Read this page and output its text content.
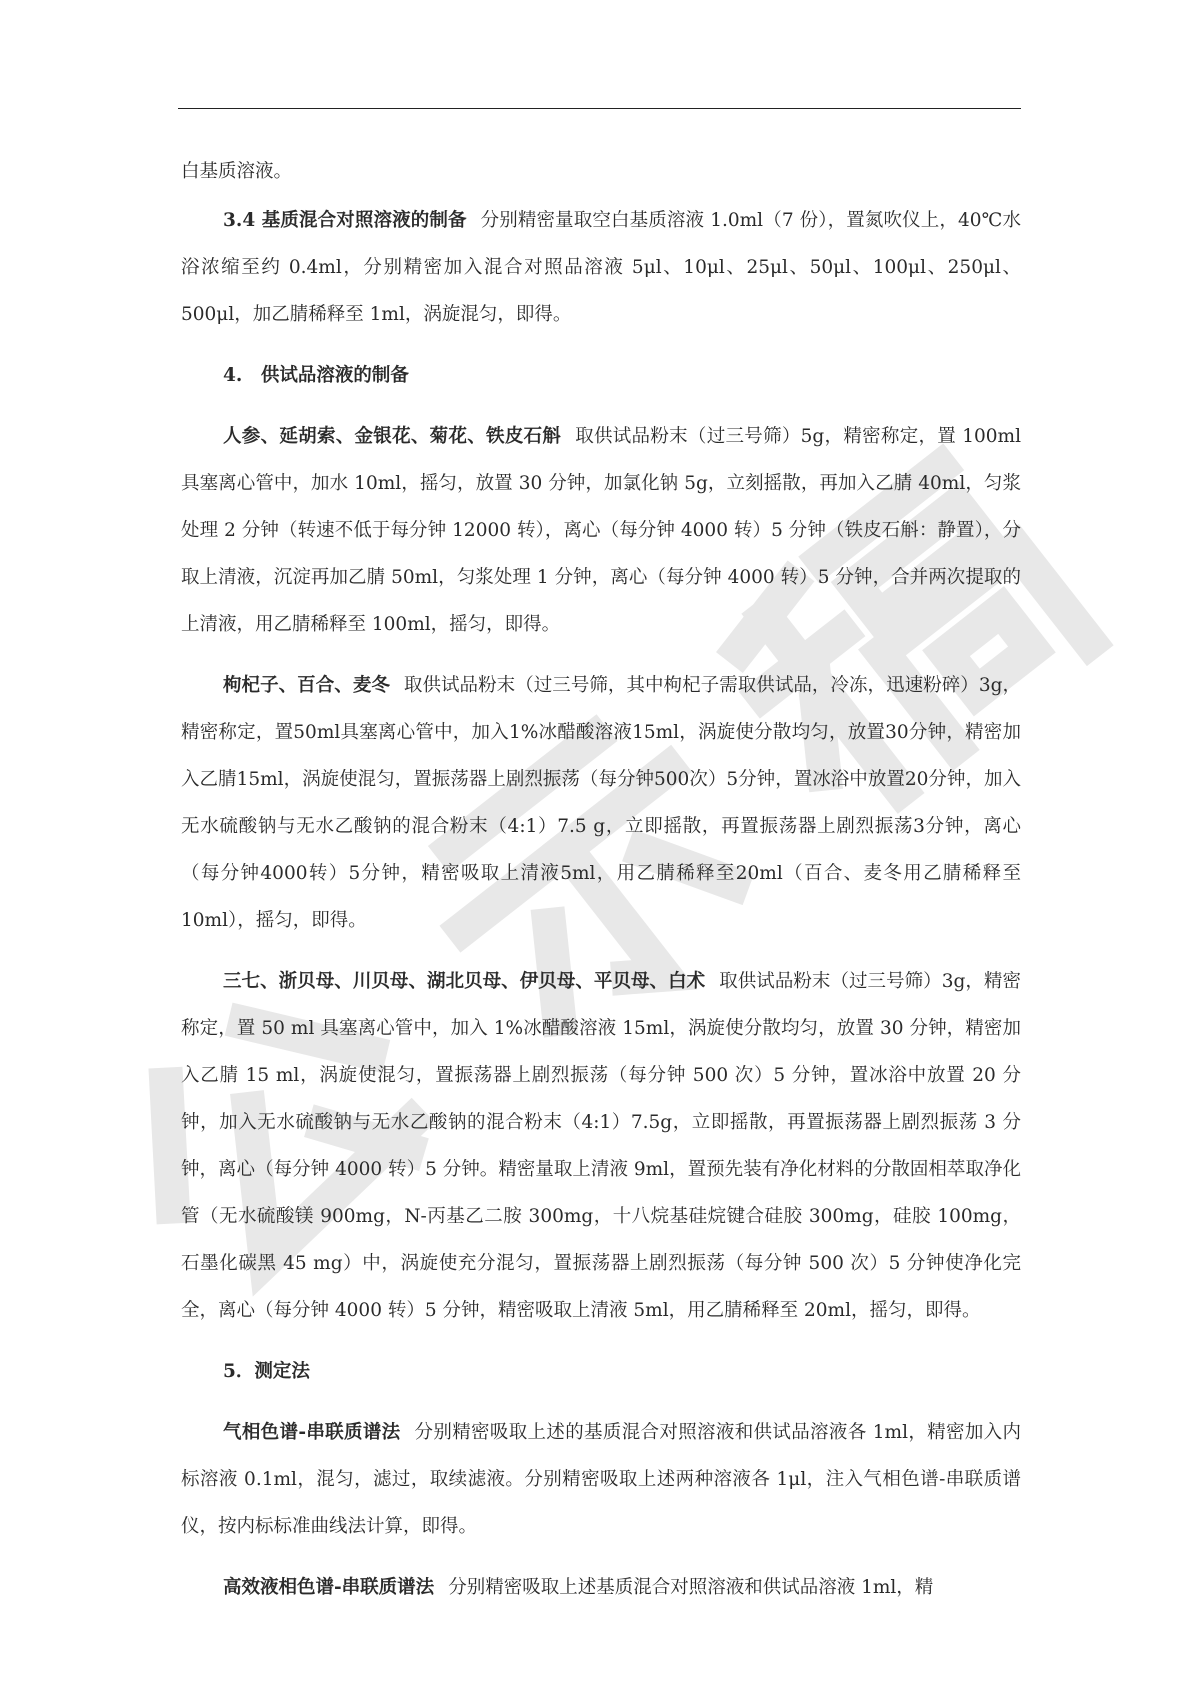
白基质溶液。

3.4 基质混合对照溶液的制备 分别精密量取空白基质溶液 1.0ml（7 份），置氮吹仪上，40℃水浴浓缩至约 0.4ml，分别精密加入混合对照品溶液 5μl、10μl、25μl、50μl、100μl、250μl、500μl，加乙腈稀释至 1ml，涡旋混匀，即得。

4.　供试品溶液的制备

人参、延胡索、金银花、菊花、铁皮石斛 取供试品粉末（过三号筛）5g，精密称定，置 100ml 具塞离心管中，加水 10ml，摇匀，放置 30 分钟，加氯化钠 5g，立刻摇散，再加入乙腈 40ml，匀浆处理 2 分钟（转速不低于每分钟 12000 转），离心（每分钟 4000 转）5 分钟（铁皮石斛：静置），分取上清液，沉淀再加乙腈 50ml，匀浆处理 1 分钟，离心（每分钟 4000 转）5 分钟，合并两次提取的上清液，用乙腈稀释至 100ml，摇匀，即得。

枸杞子、百合、麦冬 取供试品粉末（过三号筛，其中枸杞子需取供试品，冷冻，迅速粉碎）3g，精密称定，置50ml具塞离心管中，加入1%冰醋酸溶液15ml，涡旋使分散均匀，放置30分钟，精密加入乙腈15ml，涡旋使混匀，置振荡器上剧烈振荡（每分钟500次）5分钟，置冰浴中放置20分钟，加入无水硫酸钠与无水乙酸钠的混合粉末（4:1）7.5 g，立即摇散，再置振荡器上剧烈振荡3分钟，离心（每分钟4000转）5分钟，精密吸取上清液5ml，用乙腈稀释至20ml（百合、麦冬用乙腈稀释至10ml），摇匀，即得。

三七、浙贝母、川贝母、湖北贝母、伊贝母、平贝母、白术 取供试品粉末（过三号筛）3g，精密称定，置 50 ml 具塞离心管中，加入 1%冰醋酸溶液 15ml，涡旋使分散均匀，放置 30 分钟，精密加入乙腈 15 ml，涡旋使混匀，置振荡器上剧烈振荡（每分钟 500 次）5 分钟，置冰浴中放置 20 分钟，加入无水硫酸钠与无水乙酸钠的混合粉末（4:1）7.5g，立即摇散，再置振荡器上剧烈振荡 3 分钟，离心（每分钟 4000 转）5 分钟。精密量取上清液 9ml，置预先装有净化材料的分散固相萃取净化管（无水硫酸镁 900mg，N-丙基乙二胺 300mg，十八烷基硅烷键合硅胶 300mg，硅胶 100mg，石墨化碳黑 45 mg）中，涡旋使充分混匀，置振荡器上剧烈振荡（每分钟 500 次）5 分钟使净化完全，离心（每分钟 4000 转）5 分钟，精密吸取上清液 5ml，用乙腈稀释至 20ml，摇匀，即得。

5．测定法

气相色谱-串联质谱法 分别精密吸取上述的基质混合对照溶液和供试品溶液各 1ml，精密加入内标溶液 0.1ml，混匀，滤过，取续滤液。分别精密吸取上述两种溶液各 1μl，注入气相色谱-串联质谱仪，按内标标准曲线法计算，即得。

高效液相色谱-串联质谱法 分别精密吸取上述基质混合对照溶液和供试品溶液 1ml，精
